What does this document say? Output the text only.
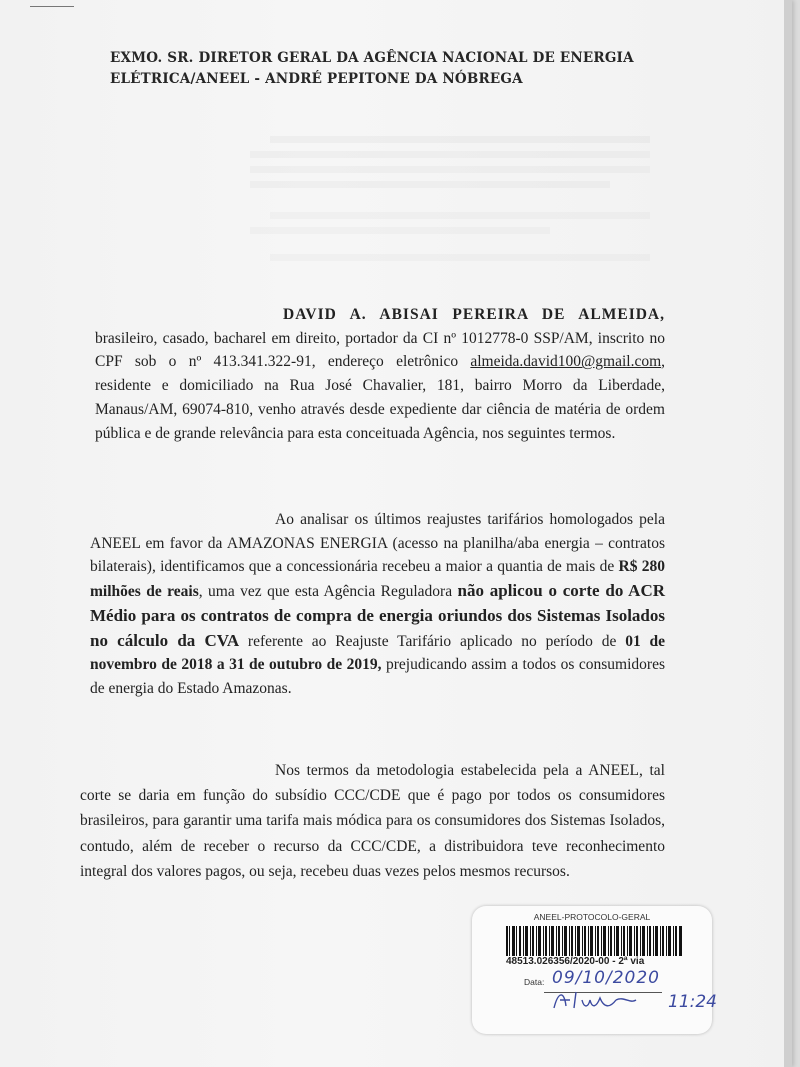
EXMO. SR. DIRETOR GERAL DA AGÊNCIA NACIONAL DE ENERGIA
ELÉTRICA/ANEEL - ANDRÉ PEPITONE DA NÓBREGA
DAVID A. ABISAI PEREIRA DE ALMEIDA, brasileiro, casado, bacharel em direito, portador da CI nº 1012778-0 SSP/AM, inscrito no CPF sob o nº 413.341.322-91, endereço eletrônico almeida.david100@gmail.com, residente e domiciliado na Rua José Chavalier, 181, bairro Morro da Liberdade, Manaus/AM, 69074-810, venho através desde expediente dar ciência de matéria de ordem pública e de grande relevância para esta conceituada Agência, nos seguintes termos.
Ao analisar os últimos reajustes tarifários homologados pela ANEEL em favor da AMAZONAS ENERGIA (acesso na planilha/aba energia – contratos bilaterais), identificamos que a concessionária recebeu a maior a quantia de mais de R$ 280 milhões de reais, uma vez que esta Agência Reguladora não aplicou o corte do ACR Médio para os contratos de compra de energia oriundos dos Sistemas Isolados no cálculo da CVA referente ao Reajuste Tarifário aplicado no período de 01 de novembro de 2018 a 31 de outubro de 2019, prejudicando assim a todos os consumidores de energia do Estado Amazonas.
Nos termos da metodologia estabelecida pela a ANEEL, tal corte se daria em função do subsídio CCC/CDE que é pago por todos os consumidores brasileiros, para garantir uma tarifa mais módica para os consumidores dos Sistemas Isolados, contudo, além de receber o recurso da CCC/CDE, a distribuidora teve reconhecimento integral dos valores pagos, ou seja, recebeu duas vezes pelos mesmos recursos.
ANEEL-PROTOCOLO-GERAL
48513.026356/2020-00 - 2ª via
Data: 09/10/2020
11:24
